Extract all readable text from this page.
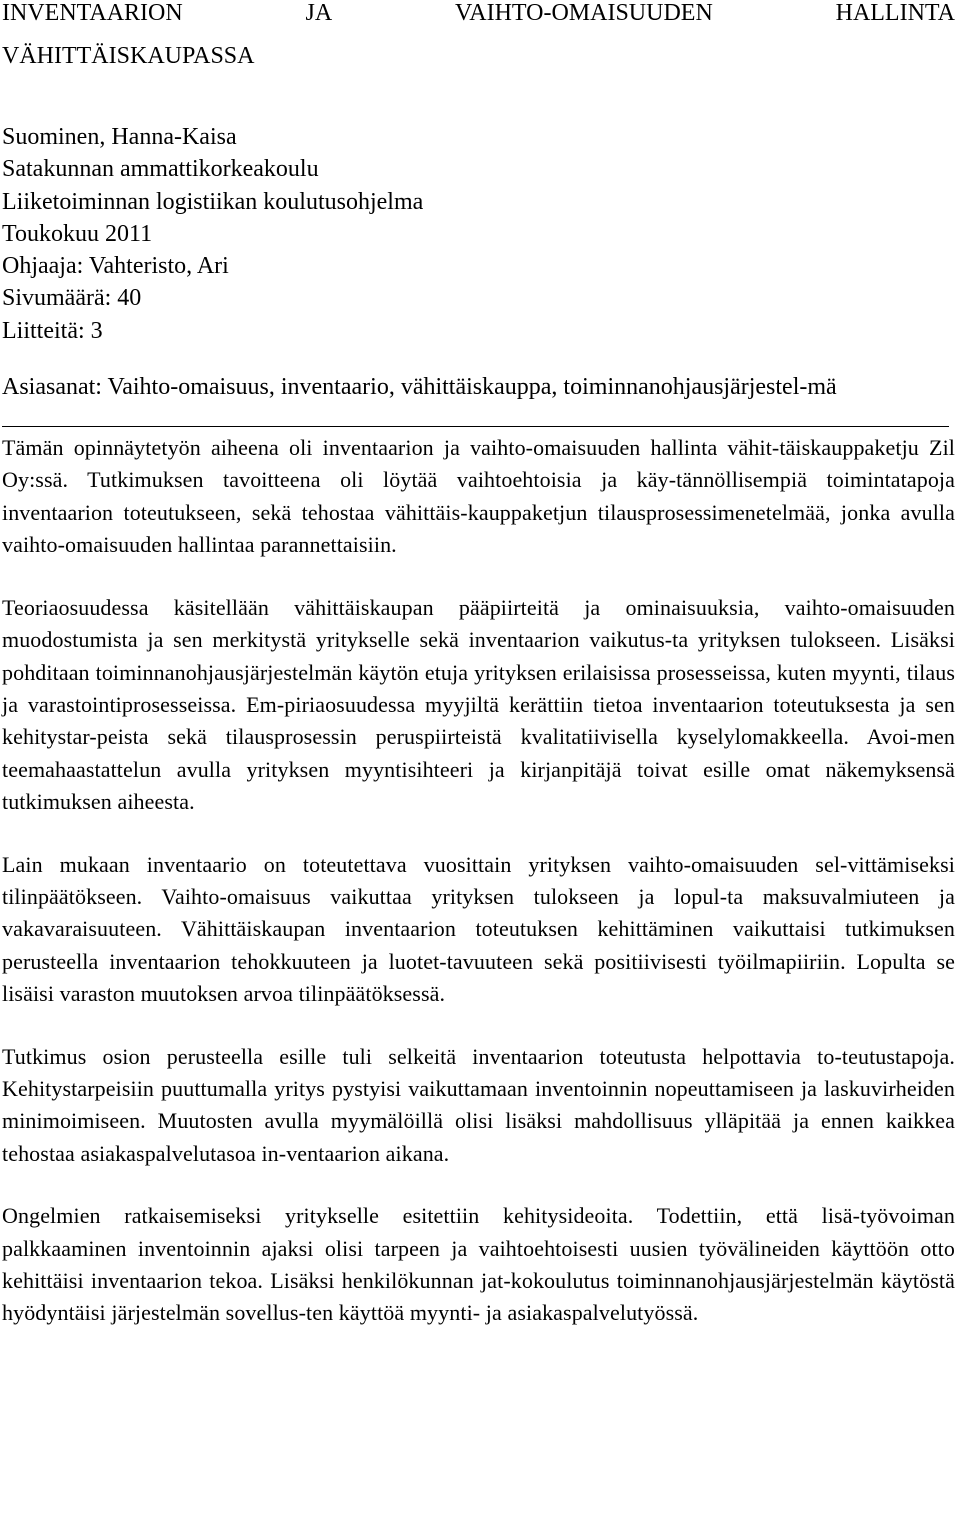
INVENTAARION	JA	VAIHTO-OMAISUUDEN	HALLINTA
VÄHITTÄISKAUPASSA
Suominen, Hanna-Kaisa
Satakunnan ammattikorkeakoulu
Liiketoiminnan logistiikan koulutusohjelma
Toukokuu 2011
Ohjaaja: Vahteristo, Ari
Sivumäärä: 40
Liitteitä: 3
Asiasanat: Vaihto-omaisuus, inventaario, vähittäiskauppa, toiminnanohjausjärjestel-mä

Tämän opinnäytetyön aiheena oli inventaarion ja vaihto-omaisuuden hallinta vähit-täiskauppaketju Zil Oy:ssä. Tutkimuksen tavoitteena oli löytää vaihtoehtoisia ja käy-tännöllisempiä toimintatapoja inventaarion toteutukseen, sekä tehostaa vähittäis-kauppaketjun tilausprosessimenetelmää, jonka avulla vaihto-omaisuuden hallintaa parannettaisiin.

Teoriaosuudessa käsitellään vähittäiskaupan pääpiirteitä ja ominaisuuksia, vaihto-omaisuuden muodostumista ja sen merkitystä yritykselle sekä inventaarion vaikutus-ta yrityksen tulokseen. Lisäksi pohditaan toiminnanohjausjärjestelmän käytön etuja yrityksen erilaisissa prosesseissa, kuten myynti, tilaus ja varastointiprosesseissa. Em-piriaosuudessa myyjiltä kerättiin tietoa inventaarion toteutuksesta ja sen kehitystar-peista sekä tilausprosessin peruspiirteistä kvalitatiivisella kyselylomakkeella. Avoi-men teemahaastattelun avulla yrityksen myyntisihteeri ja kirjanpitäjä toivat esille omat näkemyksensä tutkimuksen aiheesta.

Lain mukaan inventaario on toteutettava vuosittain yrityksen vaihto-omaisuuden sel-vittämiseksi tilinpäätökseen. Vaihto-omaisuus vaikuttaa yrityksen tulokseen ja lopul-ta maksuvalmiuteen ja vakavaraisuuteen. Vähittäiskaupan inventaarion toteutuksen kehittäminen vaikuttaisi tutkimuksen perusteella inventaarion tehokkuuteen ja luotet-tavuuteen sekä positiivisesti työilmapiiriin. Lopulta se lisäisi varaston muutoksen arvoa tilinpäätöksessä.

Tutkimus osion perusteella esille tuli selkeitä inventaarion toteutusta helpottavia to-teutustapoja. Kehitystarpeisiin puuttumalla yritys pystyisi vaikuttamaan inventoinnin nopeuttamiseen ja laskuvirheiden minimoimiseen. Muutosten avulla myymälöillä olisi lisäksi mahdollisuus ylläpitää ja ennen kaikkea tehostaa asiakaspalvelutasoa in-ventaarion aikana.

Ongelmien ratkaisemiseksi yritykselle esitettiin kehitysideoita. Todettiin, että lisä-työvoiman palkkaaminen inventoinnin ajaksi olisi tarpeen ja vaihtoehtoisesti uusien työvälineiden käyttöön otto kehittäisi inventaarion tekoa. Lisäksi henkilökunnan jat-kokoulutus toiminnanohjausjärjestelmän käytöstä hyödyntäisi järjestelmän sovellus-ten käyttöä myynti- ja asiakaspalvelutyössä.
